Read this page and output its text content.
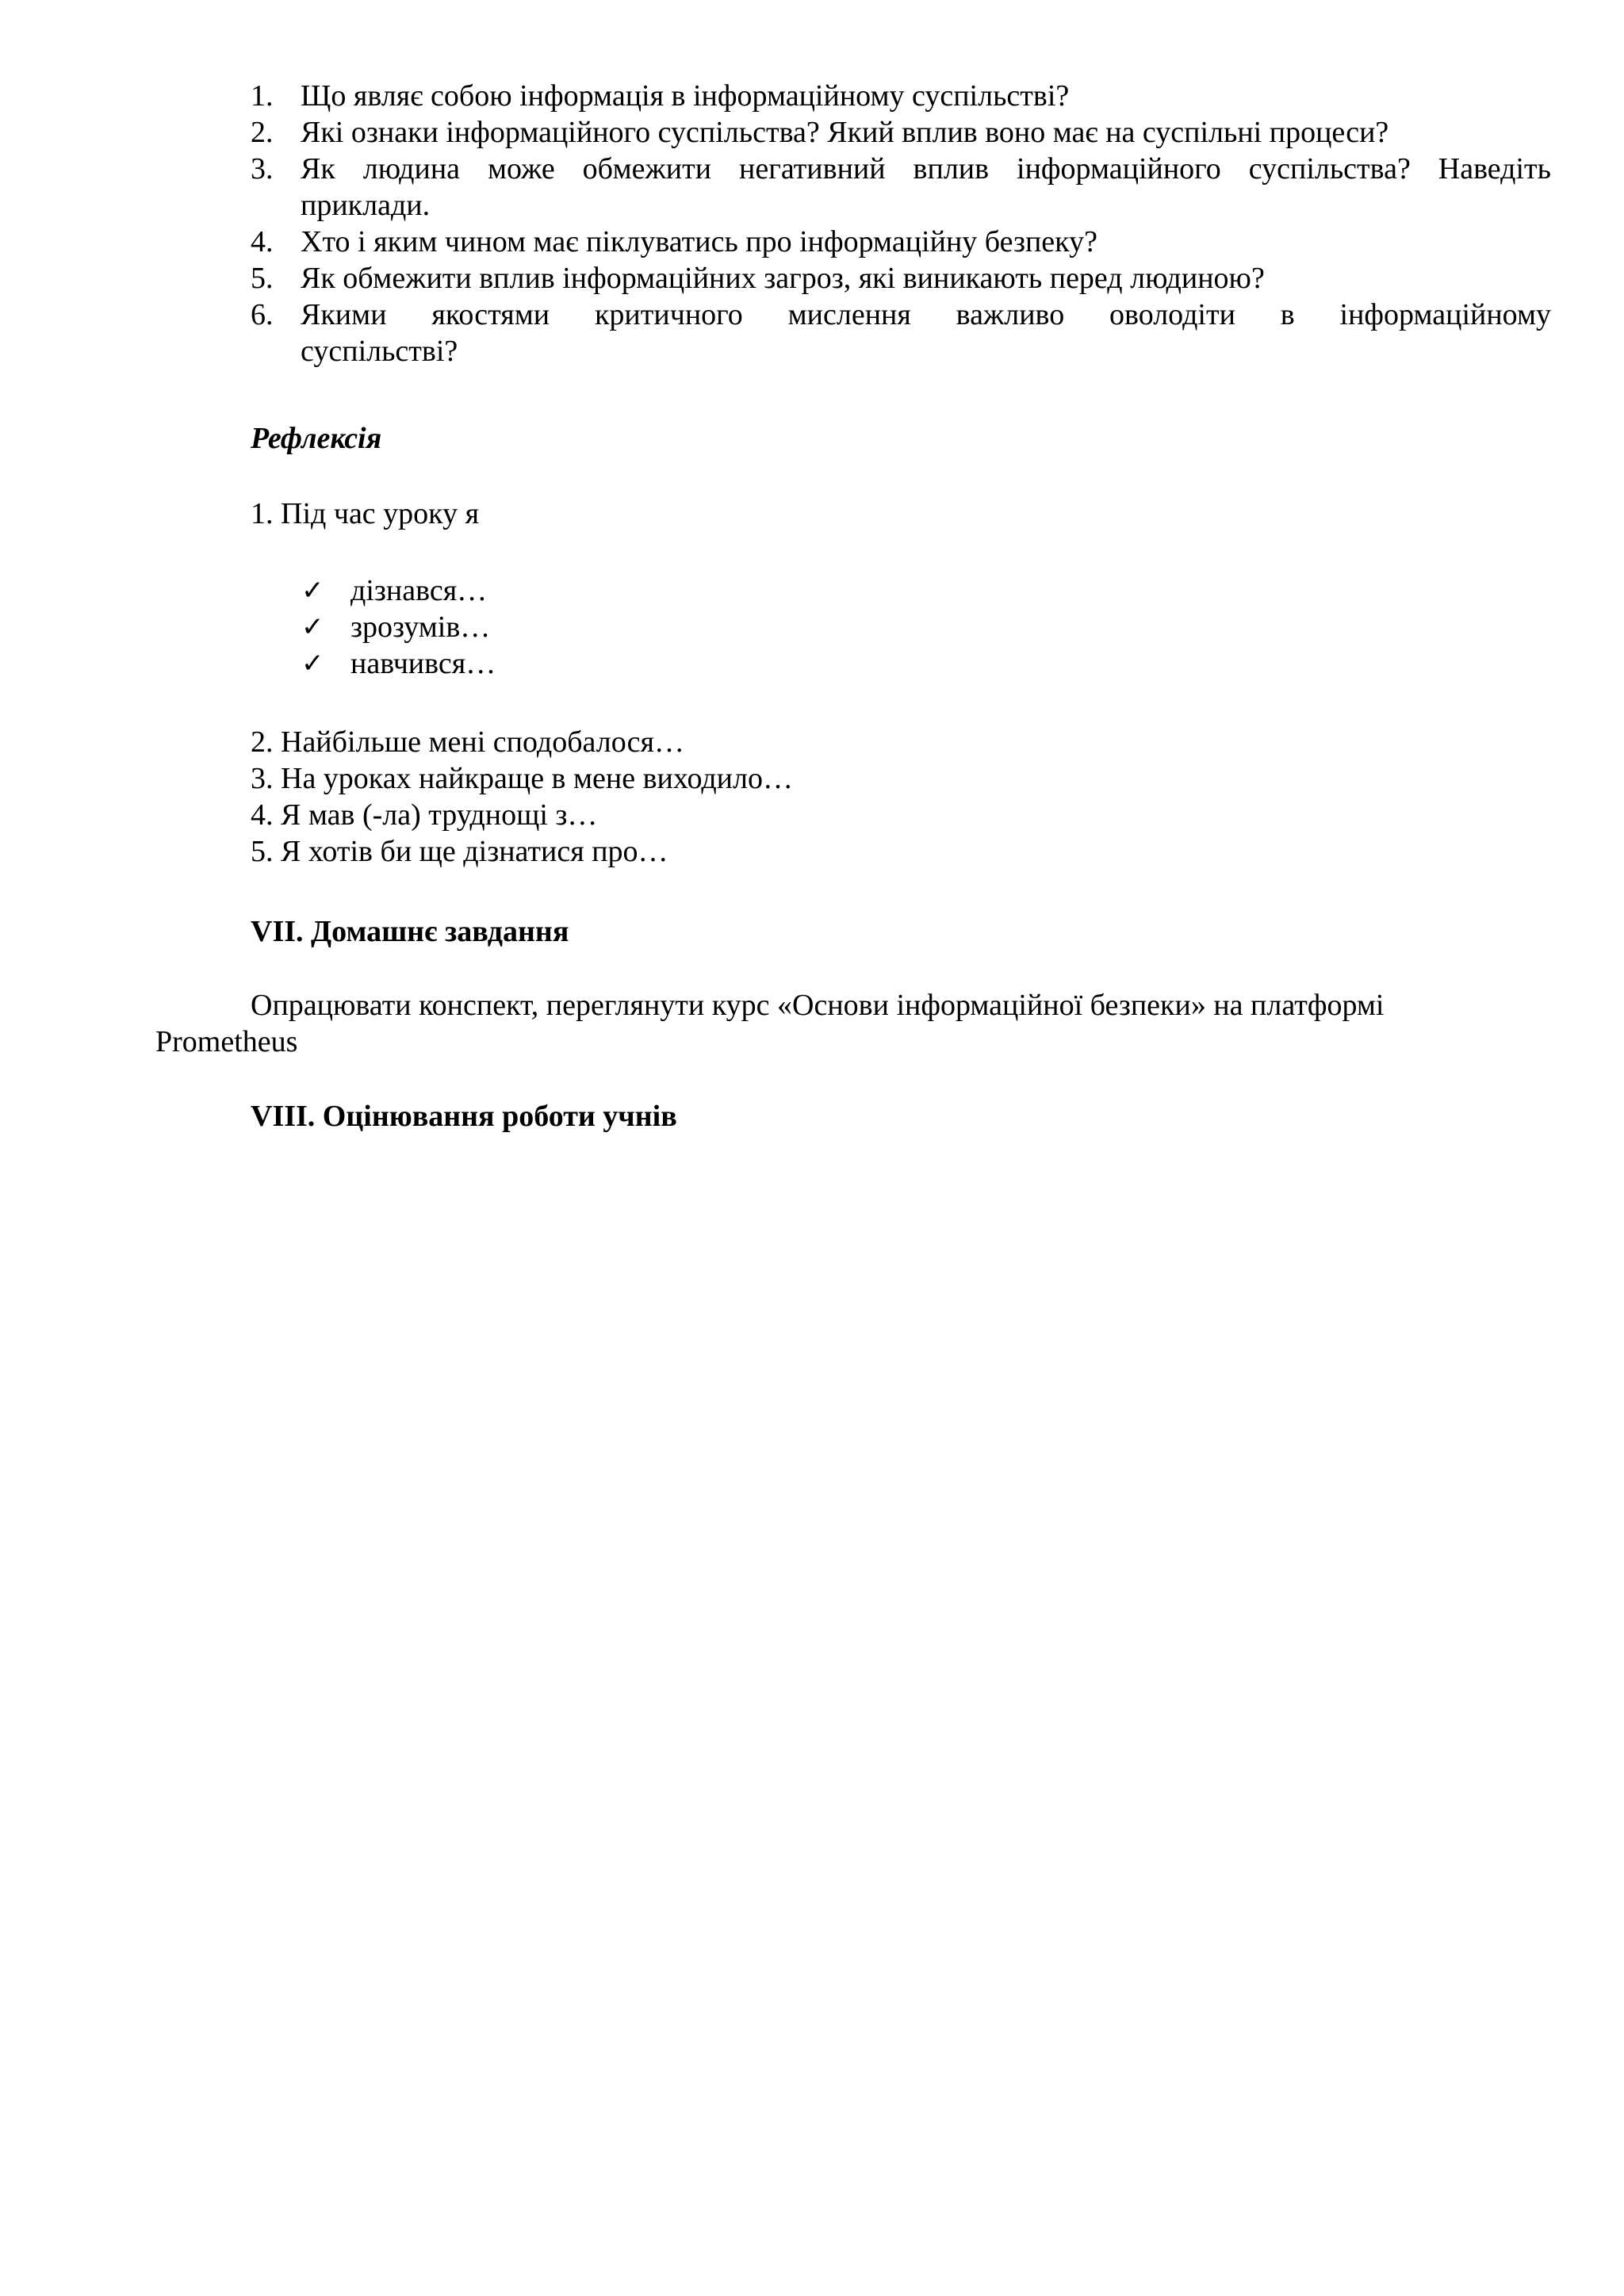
1. Що являє собою інформація в інформаційному суспільстві?
2. Які ознаки інформаційного суспільства? Який вплив воно має на суспільні процеси?
3. Як людина може обмежити негативний вплив інформаційного суспільства? Наведіть
приклади.
4. Хто і яким чином має піклуватись про інформаційну безпеку?
5. Як обмежити вплив інформаційних загроз, які виникають перед людиною?
6. Якими якостями критичного мислення важливо оволодіти в інформаційному
суспільстві?
Рефлексія
1. Під час уроку я
✓ дізнався…
✓ зрозумів…
✓ навчився…
2. Найбільше мені сподобалося…
3. На уроках найкраще в мене виходило…
4. Я мав (-ла) труднощі з…
5. Я хотів би ще дізнатися про…
VII. Домашнє завдання
Опрацювати конспект, переглянути курс «Основи інформаційної безпеки» на платформі
Prometheus
VIII. Оцінювання роботи учнів
